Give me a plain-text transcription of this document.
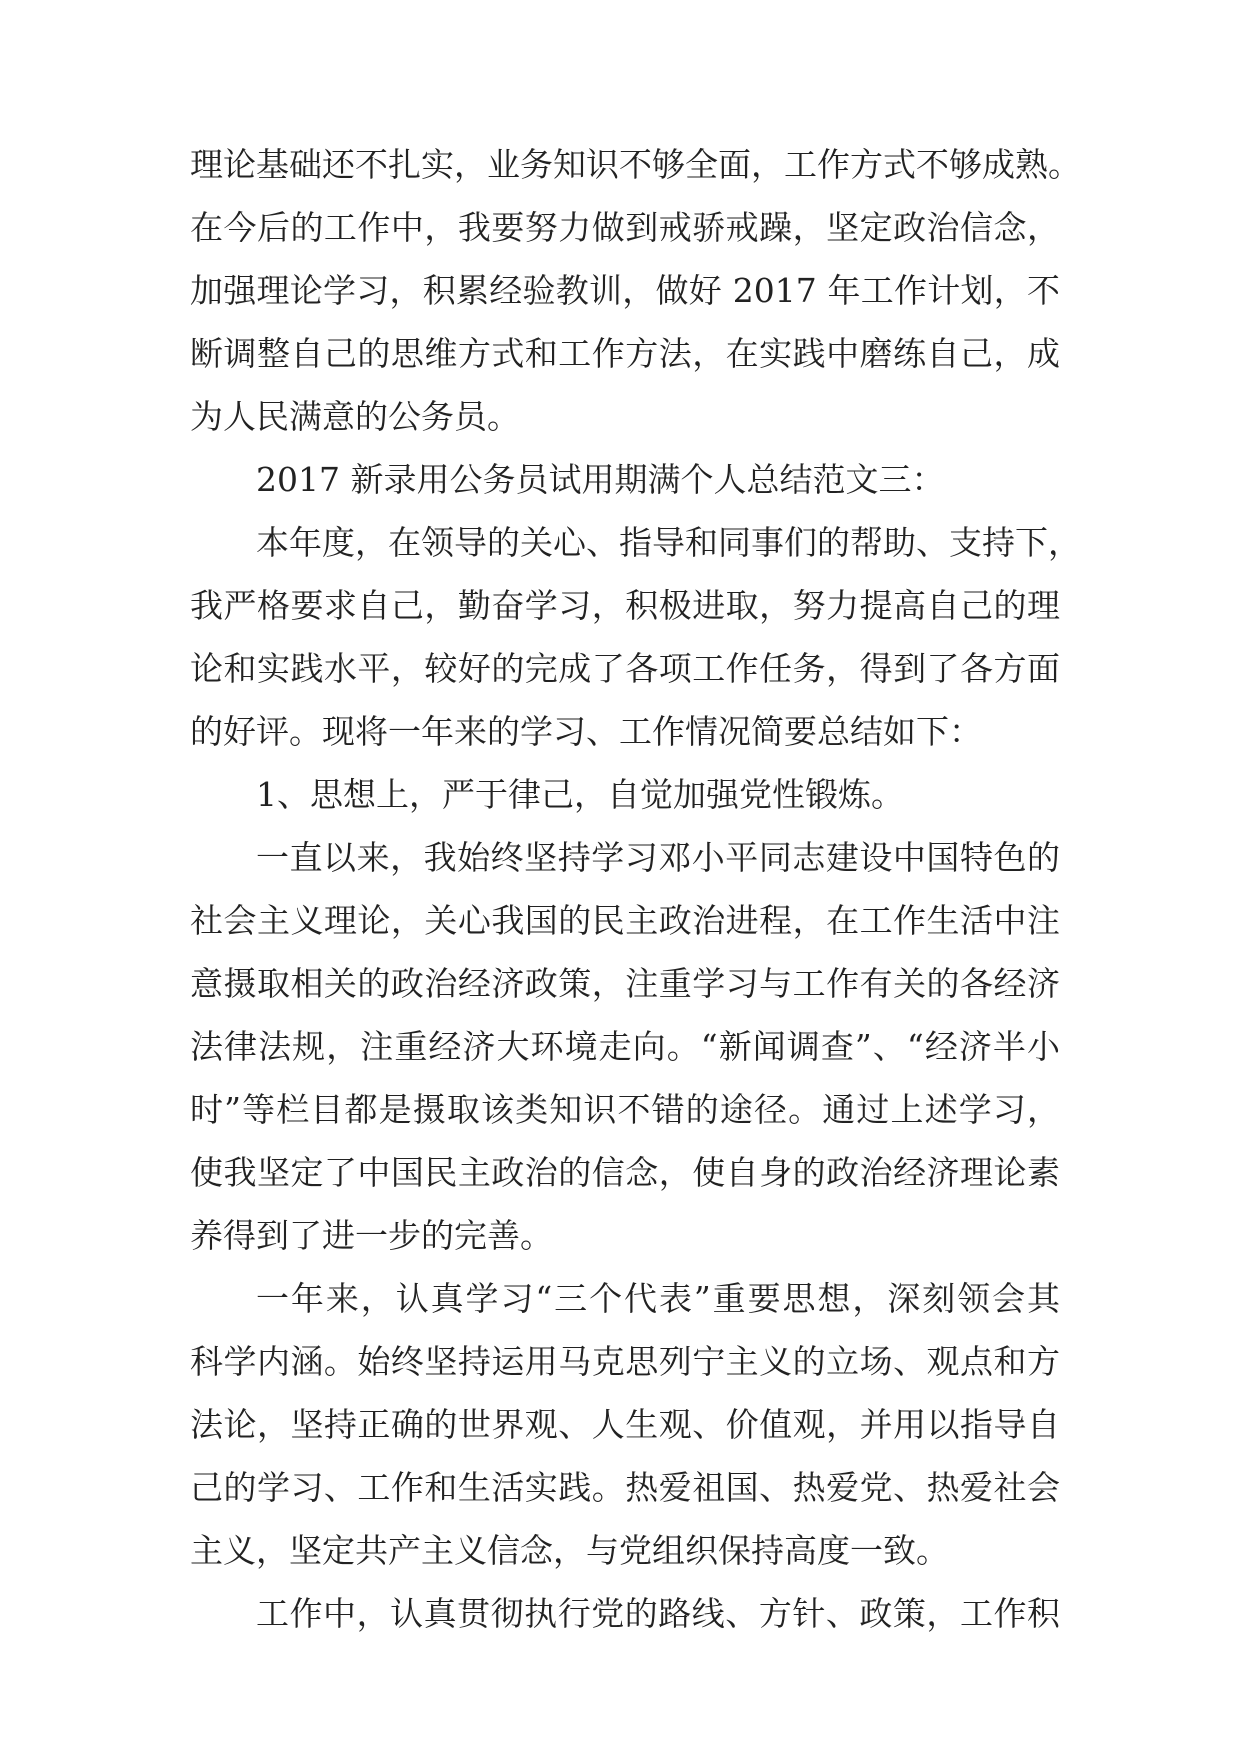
理论基础还不扎实，业务知识不够全面，工作方式不够成熟。
在今后的工作中，我要努力做到戒骄戒躁，坚定政治信念，
加强理论学习，积累经验教训，做好 2017 年工作计划，不
断调整自己的思维方式和工作方法，在实践中磨练自己，成
为人民满意的公务员。
2017 新录用公务员试用期满个人总结范文三：
本年度，在领导的关心、指导和同事们的帮助、支持下，
我严格要求自己，勤奋学习，积极进取，努力提高自己的理
论和实践水平，较好的完成了各项工作任务，得到了各方面
的好评。现将一年来的学习、工作情况简要总结如下：
1、思想上，严于律己，自觉加强党性锻炼。
一直以来，我始终坚持学习邓小平同志建设中国特色的
社会主义理论，关心我国的民主政治进程，在工作生活中注
意摄取相关的政治经济政策，注重学习与工作有关的各经济
法律法规，注重经济大环境走向。“新闻调查”、“经济半小
时”等栏目都是摄取该类知识不错的途径。通过上述学习，
使我坚定了中国民主政治的信念，使自身的政治经济理论素
养得到了进一步的完善。
一年来，认真学习“三个代表”重要思想，深刻领会其
科学内涵。始终坚持运用马克思列宁主义的立场、观点和方
法论，坚持正确的世界观、人生观、价值观，并用以指导自
己的学习、工作和生活实践。热爱祖国、热爱党、热爱社会
主义，坚定共产主义信念，与党组织保持高度一致。
工作中，认真贯彻执行党的路线、方针、政策，工作积
